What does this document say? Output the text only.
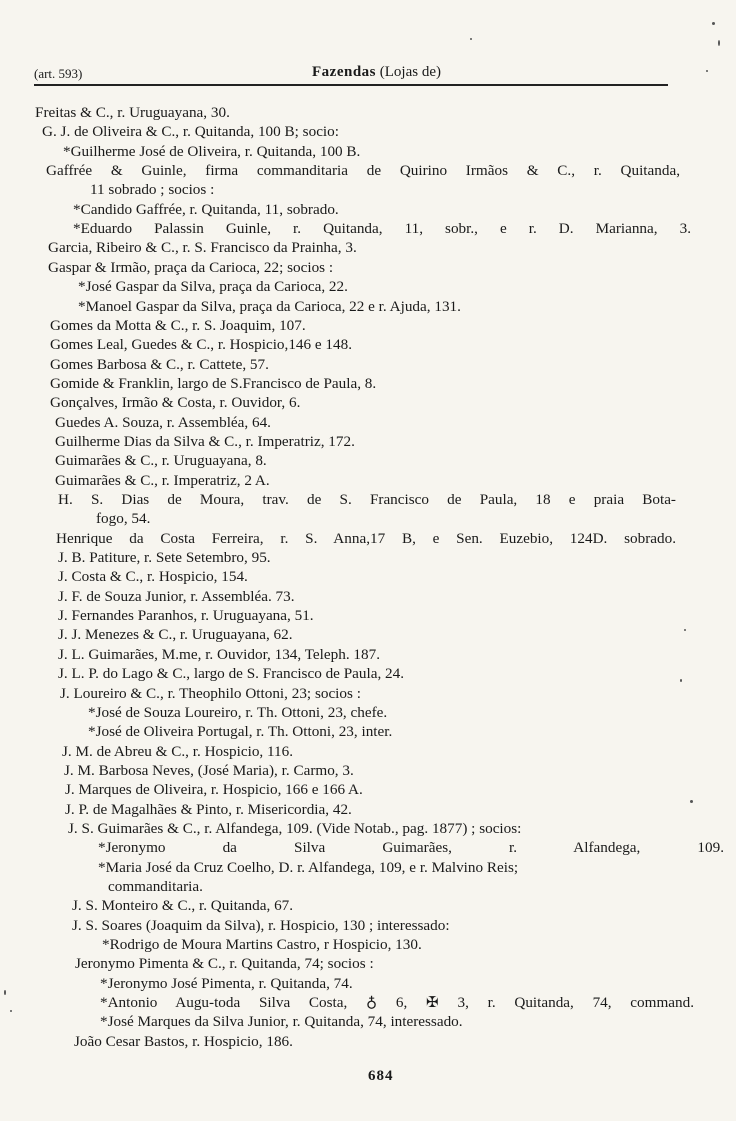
(art. 593)	Fazendas (Lojas de)
Freitas & C., r. Uruguayana, 30.
G. J. de Oliveira & C., r. Quitanda, 100 B; socio:
*Guilherme José de Oliveira, r. Quitanda, 100 B.
Gaffrée & Guinle, firma commanditaria de Quirino Irmãos & C., r. Quitanda,
11 sobrado ; socios :
*Candido Gaffrée, r. Quitanda, 11, sobrado.
*Eduardo Palassin Guinle, r. Quitanda, 11, sobr., e r. D. Marianna, 3.
Garcia, Ribeiro & C., r. S. Francisco da Prainha, 3.
Gaspar & Irmão, praça da Carioca, 22; socios :
*José Gaspar da Silva, praça da Carioca, 22.
*Manoel Gaspar da Silva, praça da Carioca, 22 e r. Ajuda, 131.
Gomes da Motta & C., r. S. Joaquim, 107.
Gomes Leal, Guedes & C., r. Hospicio,146 e 148.
Gomes Barbosa & C., r. Cattete, 57.
Gomide & Franklin, largo de S.Francisco de Paula, 8.
Gonçalves, Irmão & Costa, r. Ouvidor, 6.
Guedes A. Souza, r. Assembléa, 64.
Guilherme Dias da Silva & C., r. Imperatriz, 172.
Guimarães & C., r. Uruguayana, 8.
Guimarães & C., r. Imperatriz, 2 A.
H. S. Dias de Moura, trav. de S. Francisco de Paula, 18 e praia Bota-
fogo, 54.
Henrique da Costa Ferreira, r. S. Anna,17 B, e Sen. Euzebio, 124D. sobrado.
J. B. Patiture, r. Sete Setembro, 95.
J. Costa & C., r. Hospicio, 154.
J. F. de Souza Junior, r. Assembléa. 73.
J. Fernandes Paranhos, r. Uruguayana, 51.
J. J. Menezes & C., r. Uruguayana, 62.
J. L. Guimarães, M.me, r. Ouvidor, 134, Teleph. 187.
J. L. P. do Lago & C., largo de S. Francisco de Paula, 24.
J. Loureiro & C., r. Theophilo Ottoni, 23; socios :
*José de Souza Loureiro, r. Th. Ottoni, 23, chefe.
*José de Oliveira Portugal, r. Th. Ottoni, 23, inter.
J. M. de Abreu & C., r. Hospicio, 116.
J. M. Barbosa Neves, (José Maria), r. Carmo, 3.
J. Marques de Oliveira, r. Hospicio, 166 e 166 A.
J. P. de Magalhães & Pinto, r. Misericordia, 42.
J. S. Guimarães & C., r. Alfandega, 109. (Vide Notab., pag. 1877) ; socios:
*Jeronymo da Silva Guimarães, r. Alfandega, 109.
*Maria José da Cruz Coelho, D. r. Alfandega, 109, e r. Malvino Reis;
commanditaria.
J. S. Monteiro & C., r. Quitanda, 67.
J. S. Soares (Joaquim da Silva), r. Hospicio, 130 ; interessado:
*Rodrigo de Moura Martins Castro, r Hospicio, 130.
Jeronymo Pimenta & C., r. Quitanda, 74; socios :
*Jeronymo José Pimenta, r. Quitanda, 74.
*Antonio Augu-toda Silva Costa, ♁ 6, ✠ 3, r. Quitanda, 74, command.
*José Marques da Silva Junior, r. Quitanda, 74, interessado.
João Cesar Bastos, r. Hospicio, 186.
684
